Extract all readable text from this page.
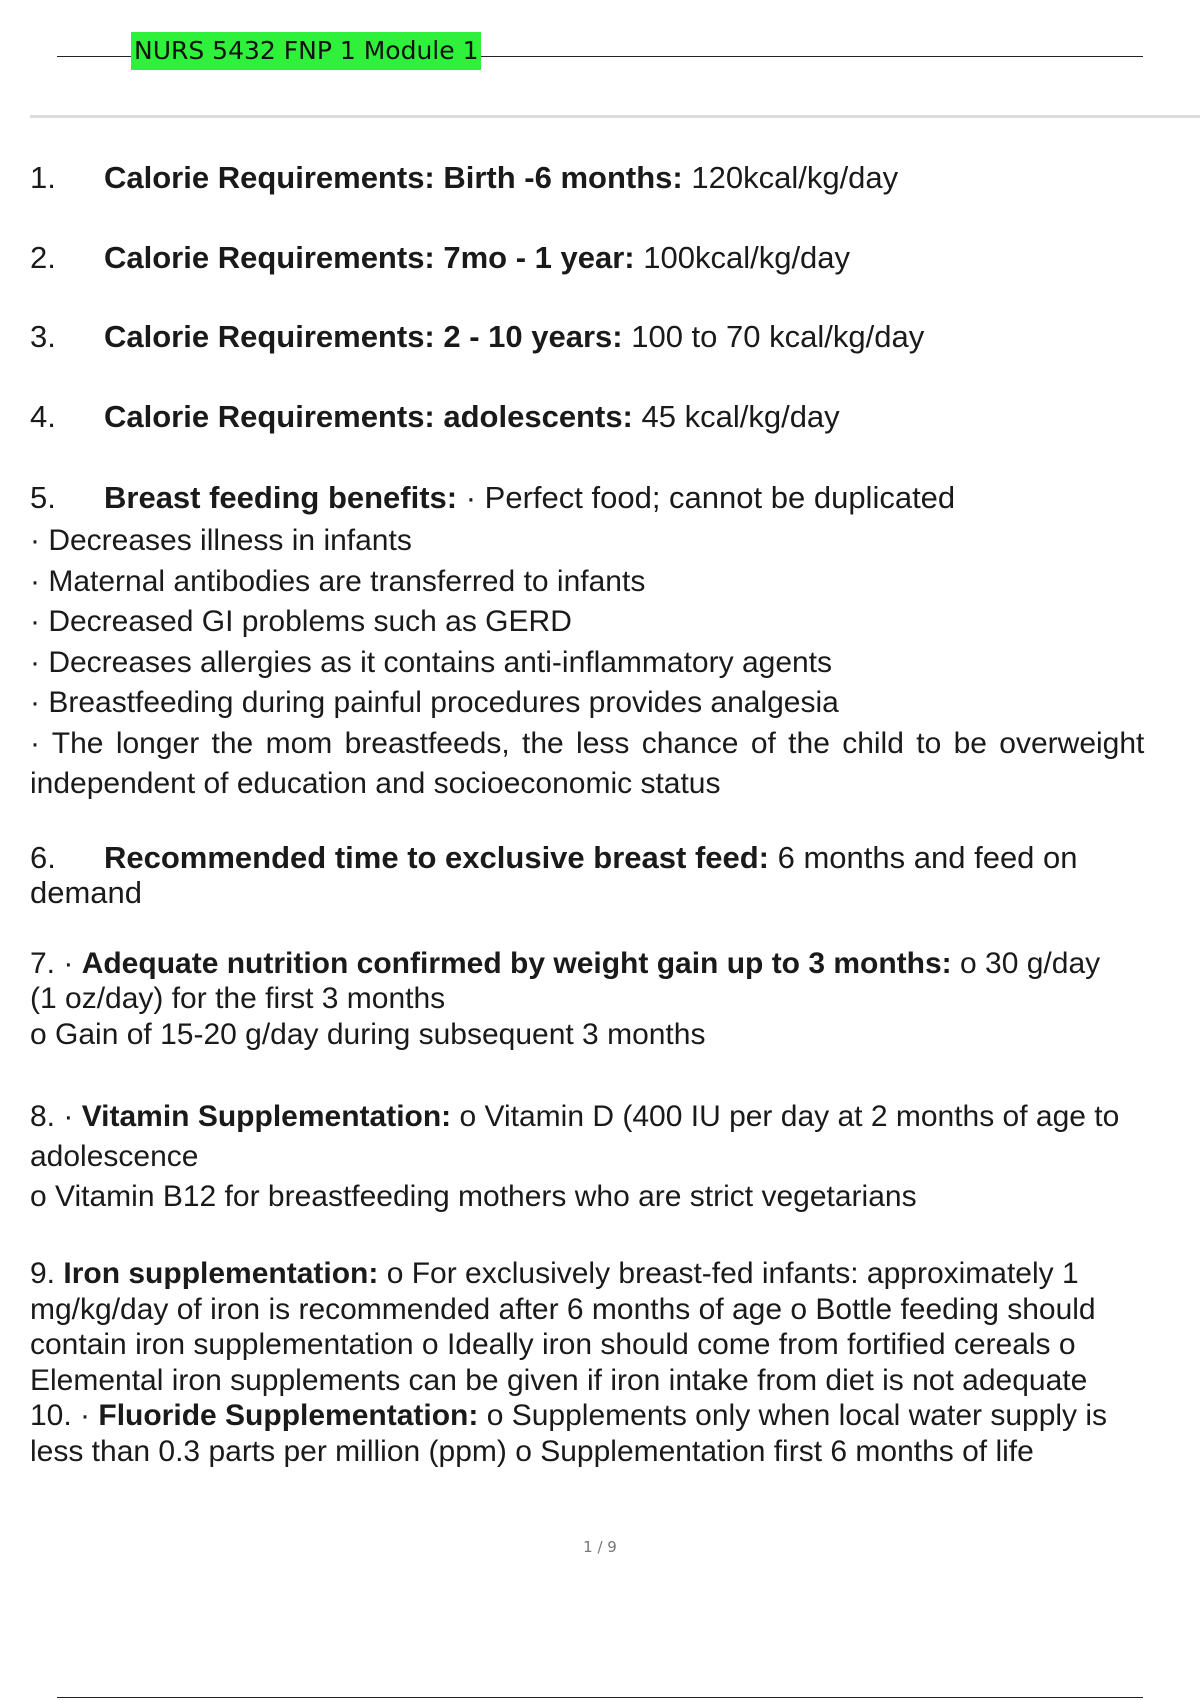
NURS 5432 FNP 1 Module 1
1. Calorie Requirements: Birth -6 months: 120kcal/kg/day
2. Calorie Requirements: 7mo - 1 year: 100kcal/kg/day
3. Calorie Requirements: 2 - 10 years: 100 to 70 kcal/kg/day
4. Calorie Requirements: adolescents: 45 kcal/kg/day
5. Breast feeding benefits: · Perfect food; cannot be duplicated
· Decreases illness in infants
· Maternal antibodies are transferred to infants
· Decreased GI problems such as GERD
· Decreases allergies as it contains anti-inflammatory agents
· Breastfeeding during painful procedures provides analgesia
· The longer the mom breastfeeds, the less chance of the child to be overweight
independent of education and socioeconomic status
6. Recommended time to exclusive breast feed: 6 months and feed on
demand
7. · Adequate nutrition confirmed by weight gain up to 3 months: o 30 g/day
(1 oz/day) for the first 3 months
o Gain of 15-20 g/day during subsequent 3 months
8. · Vitamin Supplementation: o Vitamin D (400 IU per day at 2 months of age to
adolescence
o Vitamin B12 for breastfeeding mothers who are strict vegetarians
9. Iron supplementation: o For exclusively breast-fed infants: approximately 1
mg/kg/day of iron is recommended after 6 months of age o Bottle feeding should
contain iron supplementation o Ideally iron should come from fortified cereals o
Elemental iron supplements can be given if iron intake from diet is not adequate
10. · Fluoride Supplementation: o Supplements only when local water supply is
less than 0.3 parts per million (ppm) o Supplementation first 6 months of life
1 / 9
